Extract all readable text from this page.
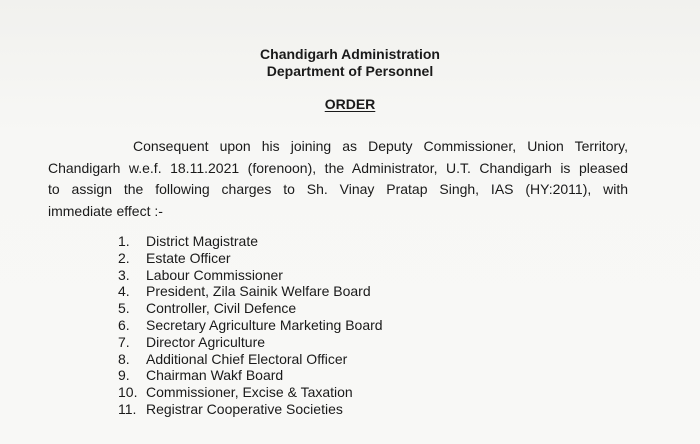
Chandigarh Administration
Department of Personnel
ORDER
Consequent upon his joining as Deputy Commissioner, Union Territory,
Chandigarh w.e.f. 18.11.2021 (forenoon), the Administrator, U.T. Chandigarh is pleased
to assign the following charges to Sh. Vinay Pratap Singh, IAS (HY:2011), with
immediate effect :-
1. District Magistrate
2. Estate Officer
3. Labour Commissioner
4. President, Zila Sainik Welfare Board
5. Controller, Civil Defence
6. Secretary Agriculture Marketing Board
7. Director Agriculture
8. Additional Chief Electoral Officer
9. Chairman Wakf Board
10. Commissioner, Excise & Taxation
11. Registrar Cooperative Societies
